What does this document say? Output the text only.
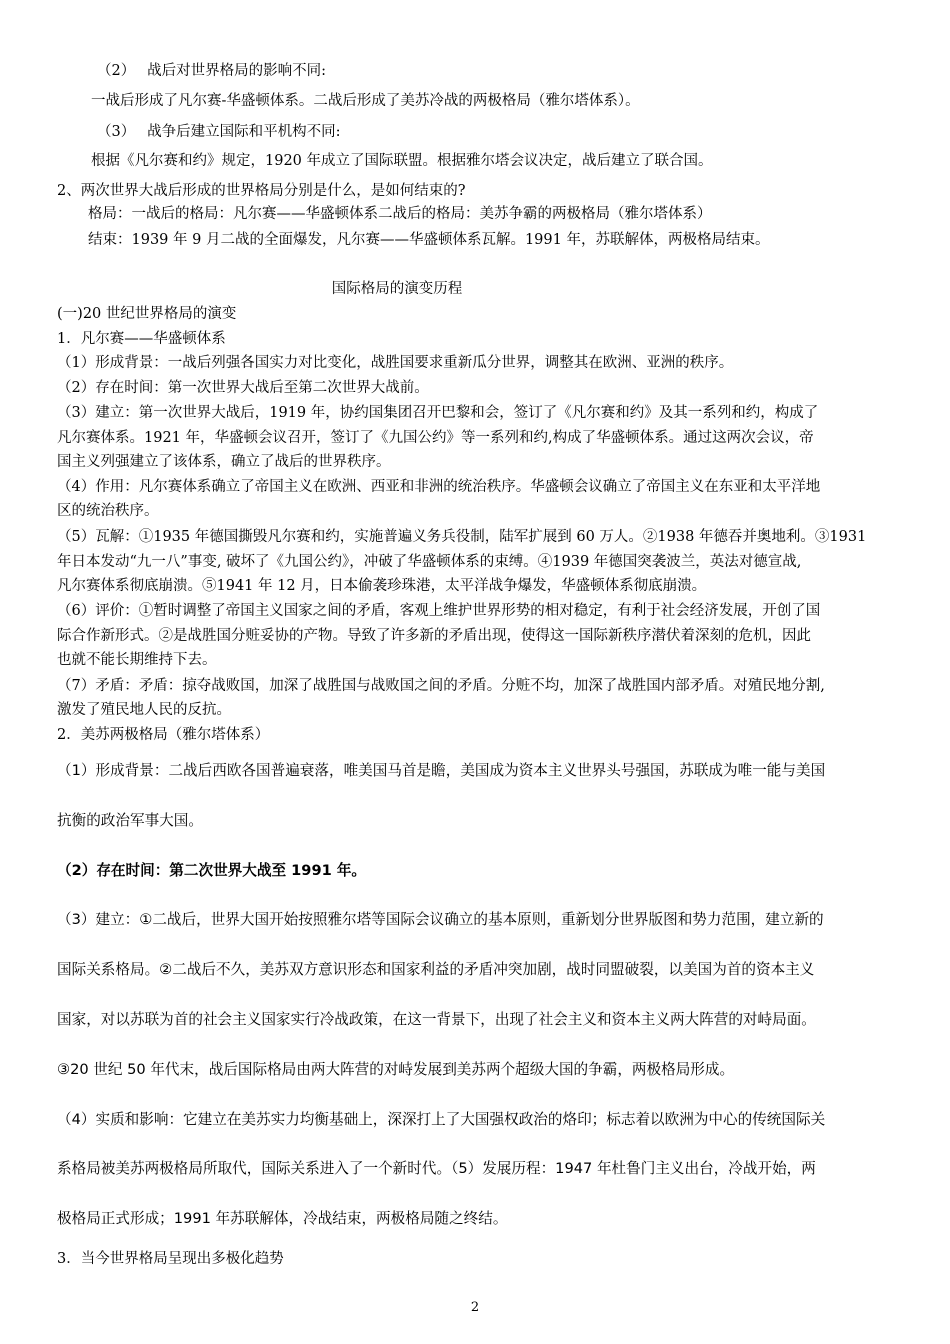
（2）　 战后对世界格局的影响不同:
一战后形成了凡尔赛-华盛顿体系。二战后形成了美苏冷战的两极格局（雅尔塔体系）。
（3）　 战争后建立国际和平机构不同:
根据《凡尔赛和约》规定，1920 年成立了国际联盟。根据雅尔塔会议决定，战后建立了联合国。
2、两次世界大战后形成的世界格局分别是什么，是如何结束的?
格局：一战后的格局：凡尔赛——华盛顿体系二战后的格局：美苏争霸的两极格局（雅尔塔体系）
结束：1939 年 9 月二战的全面爆发，凡尔赛——华盛顿体系瓦解。1991 年，苏联解体，两极格局结束。
国际格局的演变历程
(一)20 世纪世界格局的演变
1．凡尔赛——华盛顿体系
（1）形成背景：一战后列强各国实力对比变化，战胜国要求重新瓜分世界，调整其在欧洲、亚洲的秩序。
（2）存在时间：第一次世界大战后至第二次世界大战前。
（3）建立：第一次世界大战后，1919 年，协约国集团召开巴黎和会，签订了《凡尔赛和约》及其一系列和约，构成了
凡尔赛体系。1921 年，华盛顿会议召开，签订了《九国公约》等一系列和约,构成了华盛顿体系。通过这两次会议，帝
国主义列强建立了该体系，确立了战后的世界秩序。
（4）作用：凡尔赛体系确立了帝国主义在欧洲、西亚和非洲的统治秩序。华盛顿会议确立了帝国主义在东亚和太平洋地
区的统治秩序。
（5）瓦解：①1935 年德国撕毁凡尔赛和约，实施普遍义务兵役制，陆军扩展到 60 万人。②1938 年德吞并奥地利。③1931
年日本发动“九一八”事变, 破坏了《九国公约》，冲破了华盛顿体系的束缚。④1939 年德国突袭波兰，英法对德宣战,
凡尔赛体系彻底崩溃。⑤1941 年 12 月，日本偷袭珍珠港，太平洋战争爆发，华盛顿体系彻底崩溃。
（6）评价：①暂时调整了帝国主义国家之间的矛盾，客观上维护世界形势的相对稳定，有利于社会经济发展，开创了国
际合作新形式。②是战胜国分赃妥协的产物。导致了许多新的矛盾出现，使得这一国际新秩序潜伏着深刻的危机，因此
也就不能长期维持下去。
（7）矛盾：矛盾：掠夺战败国，加深了战胜国与战败国之间的矛盾。分赃不均，加深了战胜国内部矛盾。对殖民地分割,
激发了殖民地人民的反抗。
2．美苏两极格局（雅尔塔体系）
（1）形成背景：二战后西欧各国普遍衰落，唯美国马首是瞻，美国成为资本主义世界头号强国，苏联成为唯一能与美国
抗衡的政治军事大国。
（2）存在时间：第二次世界大战至 1991 年。
（3）建立：①二战后，世界大国开始按照雅尔塔等国际会议确立的基本原则，重新划分世界版图和势力范围，建立新的
国际关系格局。②二战后不久，美苏双方意识形态和国家利益的矛盾冲突加剧，战时同盟破裂，以美国为首的资本主义
国家，对以苏联为首的社会主义国家实行冷战政策，在这一背景下，出现了社会主义和资本主义两大阵营的对峙局面。
③20 世纪 50 年代末，战后国际格局由两大阵营的对峙发展到美苏两个超级大国的争霸，两极格局形成。
（4）实质和影响：它建立在美苏实力均衡基础上，深深打上了大国强权政治的烙印；标志着以欧洲为中心的传统国际关
系格局被美苏两极格局所取代，国际关系进入了一个新时代。（5）发展历程：1947 年杜鲁门主义出台，冷战开始，两
极格局正式形成；1991 年苏联解体，冷战结束，两极格局随之终结。
3．当今世界格局呈现出多极化趋势
2
